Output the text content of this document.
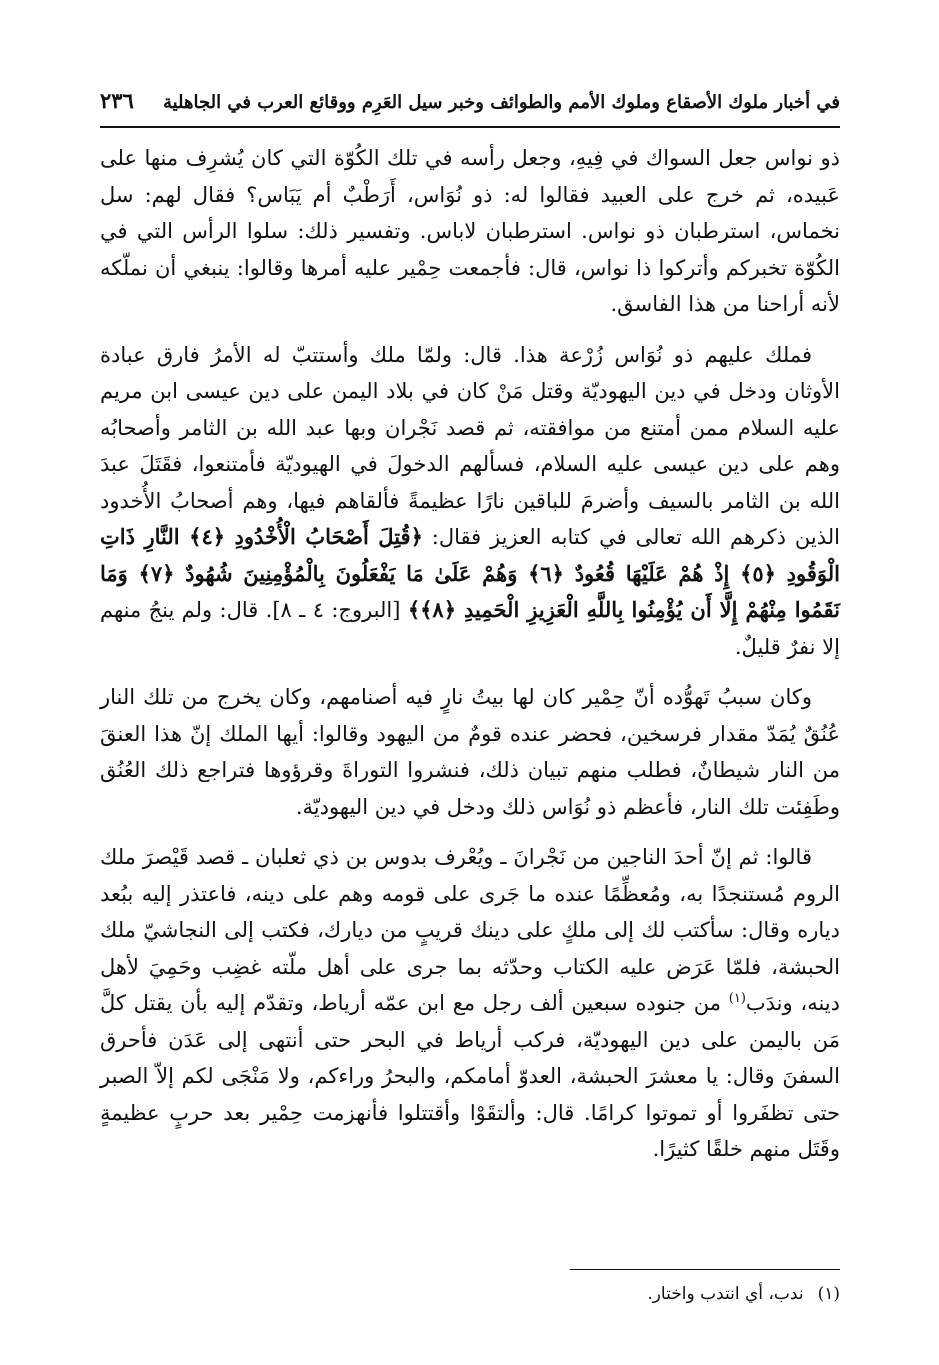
في أخبار ملوك الأصقاع وملوك الأمم والطوائف وخبر سيل العَرِم ووقائع العرب في الجاهلية
٢٣٦

ذو نواس جعل السواك في فِيهِ، وجعل رأسه في تلك الكُوّة التي كان يُشرِف منها على عَبيده، ثم خرج على العبيد فقالوا له: ذو نُوَاس، أَرَطْبٌ أم يَبَاس؟ فقال لهم: سل نخماس، استرطبان ذو نواس. استرطبان لاباس. وتفسير ذلك: سلوا الرأس التي في الكُوّة تخبركم وأتركوا ذا نواس، قال: فأجمعت حِمْير عليه أمرها وقالوا: ينبغي أن نملّكه لأنه أراحنا من هذا الفاسق.

فملك عليهم ذو نُوَاس زُرْعة هذا. قال: ولمّا ملك وأستتبّ له الأمرُ فارق عبادة الأوثان ودخل في دين اليهوديّة وقتل مَنْ كان في بلاد اليمن على دين عيسى ابن مريم عليه السلام ممن أمتنع من موافقته، ثم قصد نَجْران وبها عبد الله بن الثامر وأصحابُه وهم على دين عيسى عليه السلام، فسألهم الدخولَ في الهيوديّة فأمتنعوا، فقَتَلَ عبدَ الله بن الثامر بالسيف وأضرمَ للباقين نارًا عظيمةً فألقاهم فيها، وهم أصحابُ الأُخدود الذين ذكرهم الله تعالى في كتابه العزيز فقال: ﴿قُتِلَ أَصْحَابُ الْأُخْدُودِ ﴿٤﴾ النَّارِ ذَاتِ الْوَقُودِ ﴿٥﴾ إِذْ هُمْ عَلَيْهَا قُعُودٌ ﴿٦﴾ وَهُمْ عَلَىٰ مَا يَفْعَلُونَ بِالْمُؤْمِنِينَ شُهُودٌ ﴿٧﴾ وَمَا نَقَمُوا مِنْهُمْ إِلَّا أَن يُؤْمِنُوا بِاللَّهِ الْعَزِيزِ الْحَمِيدِ ﴿٨﴾﴾ [البروج: ٤ ـ ٨]. قال: ولم ينجُ منهم إلا نفرٌ قليلٌ.

وكان سببُ تَهوُّده أنّ حِمْير كان لها بيتُ نارٍ فيه أصنامهم، وكان يخرج من تلك النار عُنُقٌ يُمَدّ مقدار فرسخين، فحضر عنده قومٌ من اليهود وقالوا: أيها الملك إنّ هذا العنقَ من النار شيطانٌ، فطلب منهم تبيان ذلك، فنشروا التوراةَ وقرؤوها فتراجع ذلك العُنُق وطَفِئت تلك النار، فأعظم ذو نُوَاس ذلك ودخل في دين اليهوديّة.

قالوا: ثم إنّ أحدَ الناجين من نَجْرانَ ـ ويُعْرف بدوس بن ذي ثعلبان ـ قصد قَيْصرَ ملك الروم مُستنجدًا به، ومُعظِّمًا عنده ما جَرى على قومه وهم على دينه، فاعتذر إليه ببُعد دياره وقال: سأكتب لك إلى ملكٍ على دينك قريبٍ من ديارك، فكتب إلى النجاشيّ ملك الحبشة، فلمّا عَرَض عليه الكتاب وحدّثه بما جرى على أهل ملّته غضِب وحَمِيَ لأهل دينه، وندَب$^{(١)}$ من جنوده سبعين ألف رجل مع ابن عمّه أرياط، وتقدّم إليه بأن يقتل كلَّ مَن باليمن على دين اليهوديّة، فركب أرياط في البحر حتى أنتهى إلى عَدَن فأحرق السفنَ وقال: يا معشرَ الحبشة، العدوّ أمامكم، والبحرُ وراءكم، ولا مَنْجَى لكم إلاّ الصبر حتى تظفَروا أو تموتوا كرامًا. قال: وألتقَوْا وأقتتلوا فأنهزمت حِمْير بعد حربٍ عظيمةٍ وقَتَل منهم خلقًا كثيرًا.

(١)ندب، أي انتدب واختار.
